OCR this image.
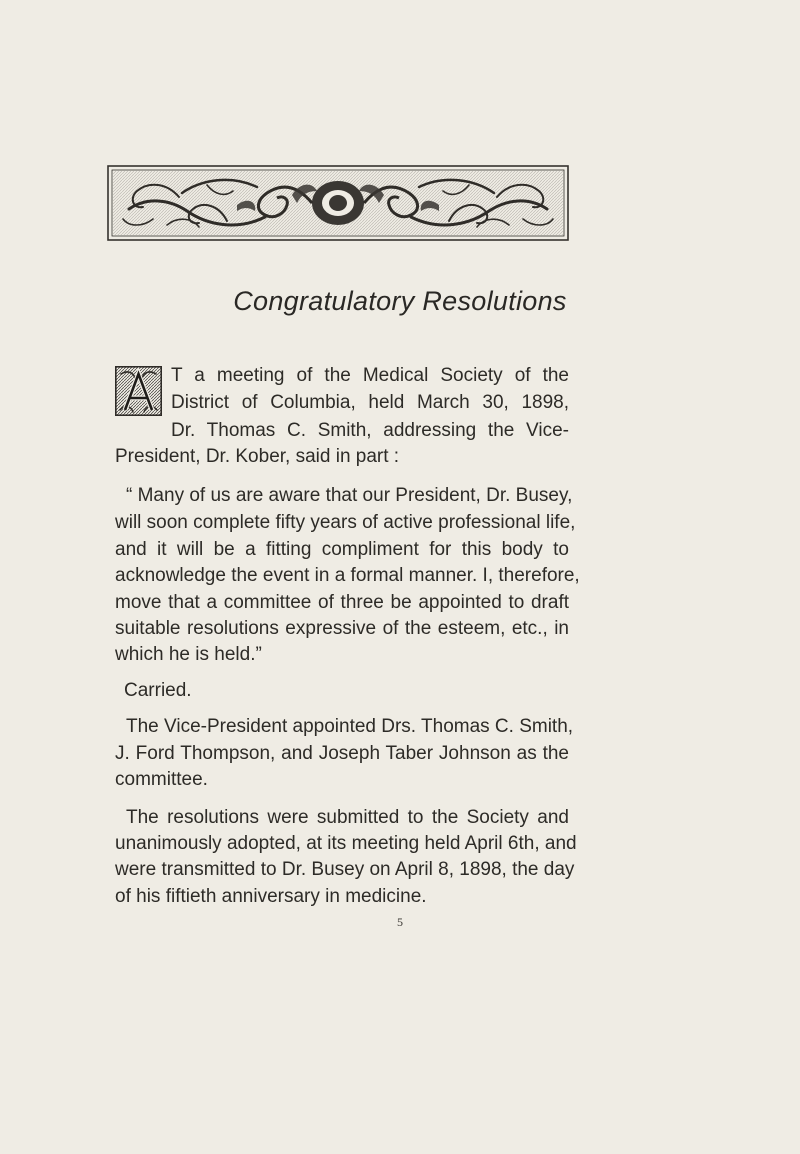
Congratulatory Resolutions
T a meeting of the Medical Society of the
District of Columbia, held March 30, 1898,
Dr. Thomas C. Smith, addressing the Vice-
President, Dr. Kober, said in part :
“ Many of us are aware that our President, Dr. Busey,
will soon complete fifty years of active professional life,
and it will be a fitting compliment for this body to
acknowledge the event in a formal manner. I, therefore,
move that a committee of three be appointed to draft
suitable resolutions expressive of the esteem, etc., in
which he is held.”
Carried.
The Vice-President appointed Drs. Thomas C. Smith,
J. Ford Thompson, and Joseph Taber Johnson as the
committee.
The resolutions were submitted to the Society and
unanimously adopted, at its meeting held April 6th, and
were transmitted to Dr. Busey on April 8, 1898, the day
of his fiftieth anniversary in medicine.
5
